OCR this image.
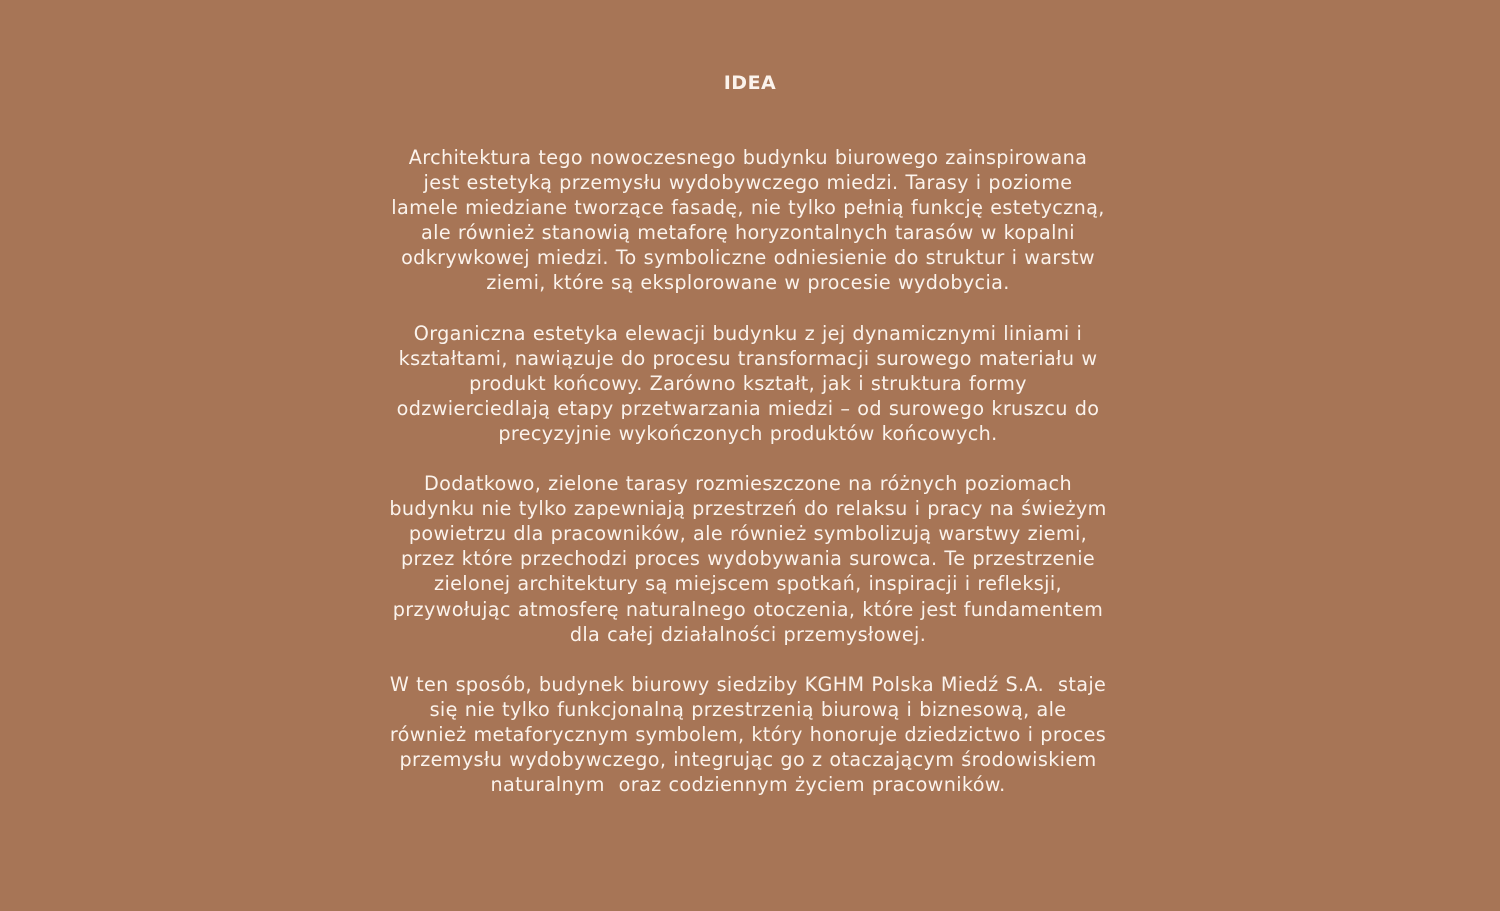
IDEA

Architektura tego nowoczesnego budynku biurowego zainspirowana
jest estetyką przemysłu wydobywczego miedzi. Tarasy i poziome
lamele miedziane tworzące fasadę, nie tylko pełnią funkcję estetyczną,
ale również stanowią metaforę horyzontalnych tarasów w kopalni
odkrywkowej miedzi. To symboliczne odniesienie do struktur i warstw
ziemi, które są eksplorowane w procesie wydobycia.

Organiczna estetyka elewacji budynku z jej dynamicznymi liniami i
kształtami, nawiązuje do procesu transformacji surowego materiału w
produkt końcowy. Zarówno kształt, jak i struktura formy
odzwierciedlają etapy przetwarzania miedzi – od surowego kruszcu do
precyzyjnie wykończonych produktów końcowych.

Dodatkowo, zielone tarasy rozmieszczone na różnych poziomach
budynku nie tylko zapewniają przestrzeń do relaksu i pracy na świeżym
powietrzu dla pracowników, ale również symbolizują warstwy ziemi,
przez które przechodzi proces wydobywania surowca. Te przestrzenie
zielonej architektury są miejscem spotkań, inspiracji i refleksji,
przywołując atmosferę naturalnego otoczenia, które jest fundamentem
dla całej działalności przemysłowej.

W ten sposób, budynek biurowy siedziby KGHM Polska Miedź S.A.  staje
się nie tylko funkcjonalną przestrzenią biurową i biznesową, ale
również metaforycznym symbolem, który honoruje dziedzictwo i proces
przemysłu wydobywczego, integrując go z otaczającym środowiskiem
naturalnym  oraz codziennym życiem pracowników.
